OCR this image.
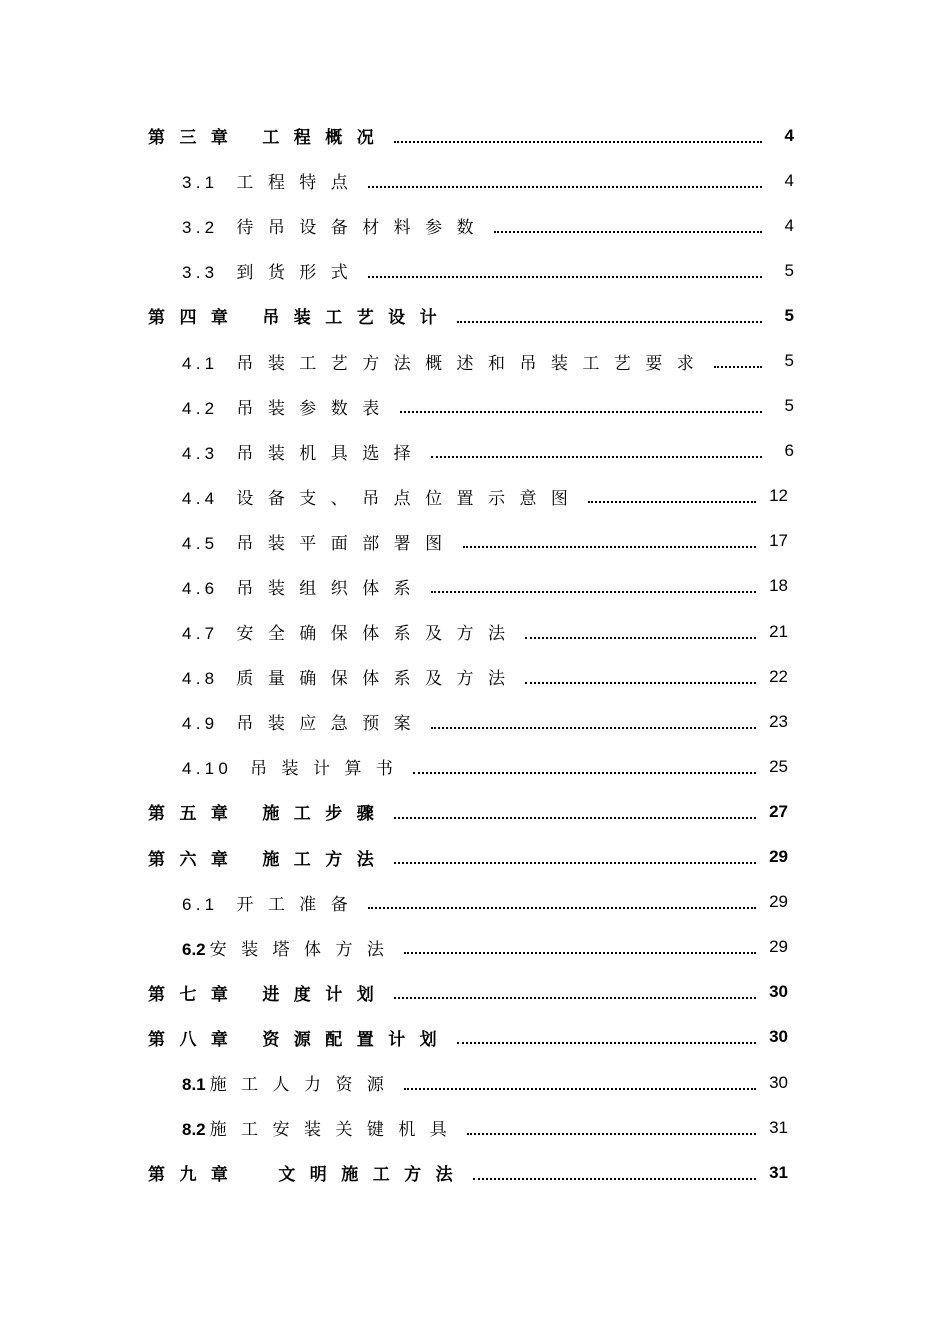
第三章 工程概况	4
3.1 工程特点	4
3.2 待吊设备材料参数	4
3.3 到货形式	5
第四章 吊装工艺设计	5
4.1 吊装工艺方法概述和吊装工艺要求	5
4.2 吊装参数表	5
4.3 吊装机具选择	6
4.4 设备支、吊点位置示意图	12
4.5 吊装平面部署图	17
4.6 吊装组织体系	18
4.7 安全确保体系及方法	21
4.8 质量确保体系及方法	22
4.9 吊装应急预案	23
4.10 吊装计算书	25
第五章 施工步骤	27
第六章 施工方法	29
6.1 开工准备	29
6.2 安装塔体方法	29
第七章 进度计划	30
第八章 资源配置计划	30
8.1 施工人力资源	30
8.2 施工安装关键机具	31
第九章 文明施工方法	31
